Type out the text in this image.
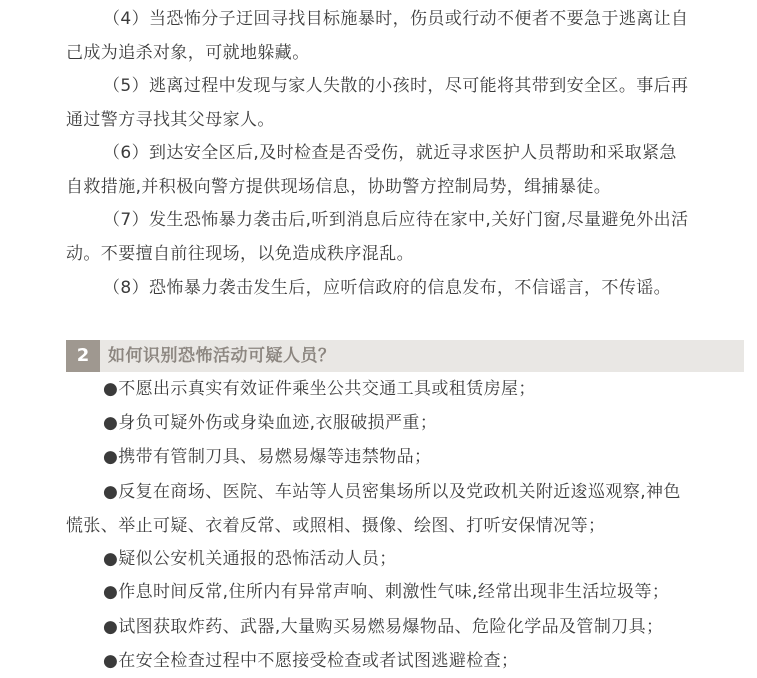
（4）当恐怖分子迂回寻找目标施暴时，伤员或行动不便者不要急于逃离让自
己成为追杀对象，可就地躲藏。
（5）逃离过程中发现与家人失散的小孩时，尽可能将其带到安全区。事后再
通过警方寻找其父母家人。
（6）到达安全区后,及时检查是否受伤，就近寻求医护人员帮助和采取紧急
自救措施,并积极向警方提供现场信息，协助警方控制局势，缉捕暴徒。
（7）发生恐怖暴力袭击后,听到消息后应待在家中,关好门窗,尽量避免外出活
动。不要擅自前往现场，以免造成秩序混乱。
（8）恐怖暴力袭击发生后，应听信政府的信息发布，不信谣言，不传谣。
2	如何识别恐怖活动可疑人员？
●不愿出示真实有效证件乘坐公共交通工具或租赁房屋；
●身负可疑外伤或身染血迹,衣服破损严重；
●携带有管制刀具、易燃易爆等违禁物品；
●反复在商场、医院、车站等人员密集场所以及党政机关附近逡巡观察,神色
慌张、举止可疑、衣着反常、或照相、摄像、绘图、打听安保情况等；
●疑似公安机关通报的恐怖活动人员；
●作息时间反常,住所内有异常声响、刺激性气味,经常出现非生活垃圾等；
●试图获取炸药、武器,大量购买易燃易爆物品、危险化学品及管制刀具；
●在安全检查过程中不愿接受检查或者试图逃避检查；
